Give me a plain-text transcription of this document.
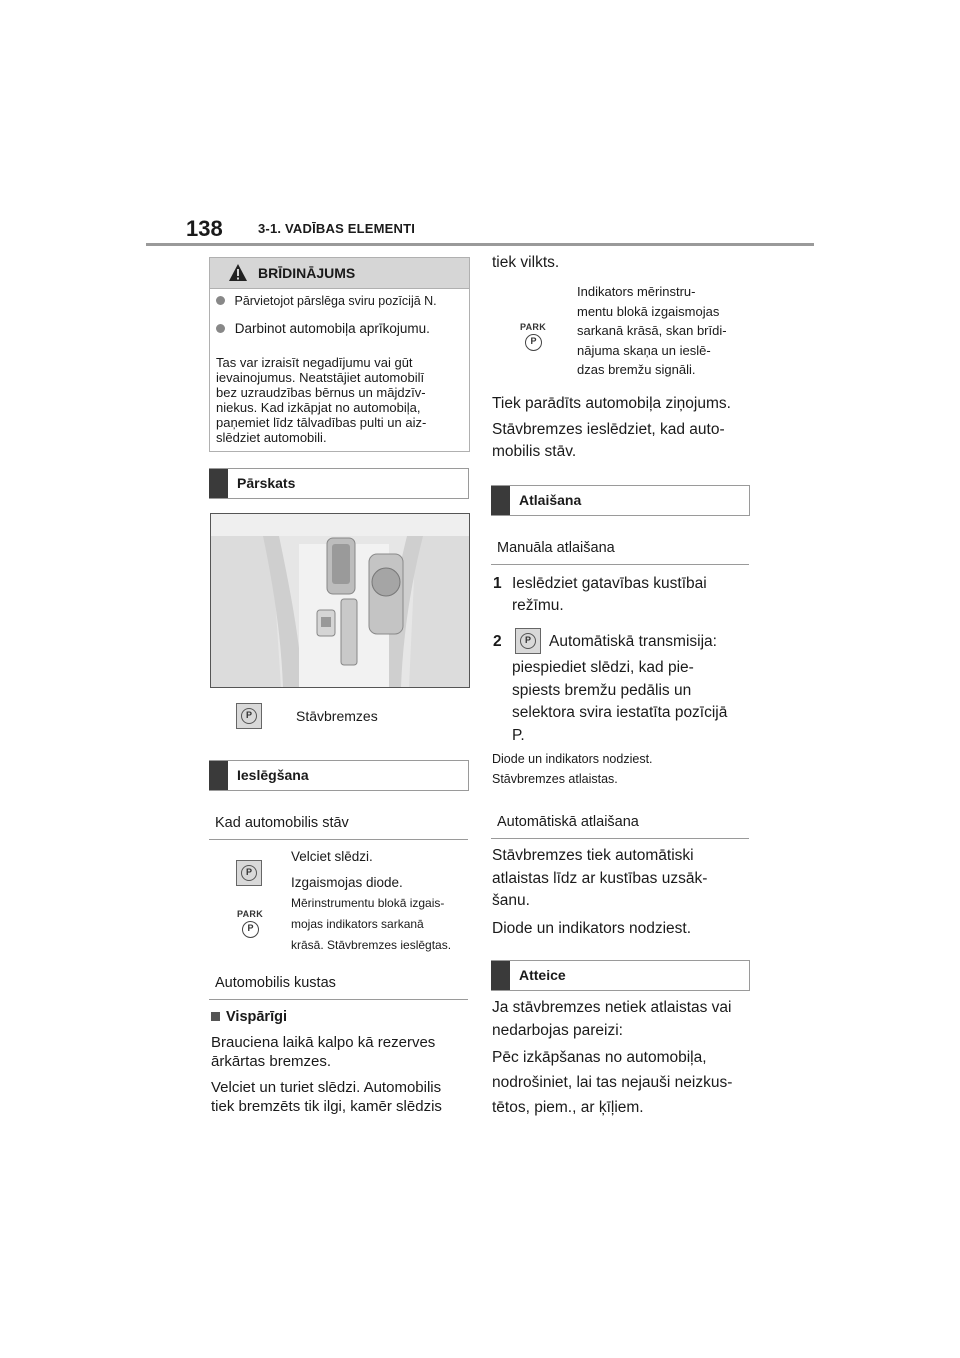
138	3-1. VADĪBAS ELEMENTI
BRĪDINĀJUMS
Pārvietojot pārslēga sviru pozīcijā N.
Darbinot automobiļa aprīkojumu.
Tas var izraisīt negadījumu vai gūt
ievainojumus. Neatstājiet automobilī
bez uzraudzības bērnus un mājdzīv-
niekus. Kad izkāpjat no automobiļa,
paņemiet līdz tālvadības pulti un aiz-
slēdziet automobili.
Pārskats
P	Stāvbremzes
Ieslēgšana
Kad automobilis stāv
P
Velciet slēdzi.
Izgaismojas diode.
Mērinstrumentu blokā izgais-
mojas indikators sarkanā
krāsā. Stāvbremzes ieslēgtas.
PARK
P
Automobilis kustas
Vispārīgi
Brauciena laikā kalpo kā rezerves
ārkārtas bremzes.
Velciet un turiet slēdzi. Automobilis
tiek bremzēts tik ilgi, kamēr slēdzis
tiek vilkts.
PARK
P
Indikators mērinstru-
mentu blokā izgaismojas
sarkanā krāsā, skan brīdi-
nājuma skaņa un ieslē-
dzas bremžu signāli.
Tiek parādīts automobiļa ziņojums.
Stāvbremzes ieslēdziet, kad auto-
mobilis stāv.
Atlaišana
Manuāla atlaišana
1 Ieslēdziet gatavības kustībai
režīmu.
2	P	Automātiskā transmisija:
piespiediet slēdzi, kad pie-
spiests bremžu pedālis un
selektora svira iestatīta pozīcijā
P.
Diode un indikators nodziest.
Stāvbremzes atlaistas.
Automātiskā atlaišana
Stāvbremzes tiek automātiski
atlaistas līdz ar kustības uzsāk-
šanu.
Diode un indikators nodziest.
Atteice
Ja stāvbremzes netiek atlaistas vai
nedarbojas pareizi:
Pēc izkāpšanas no automobiļa,
nodrošiniet, lai tas nejauši neizkus-
tētos, piem., ar ķīļiem.
